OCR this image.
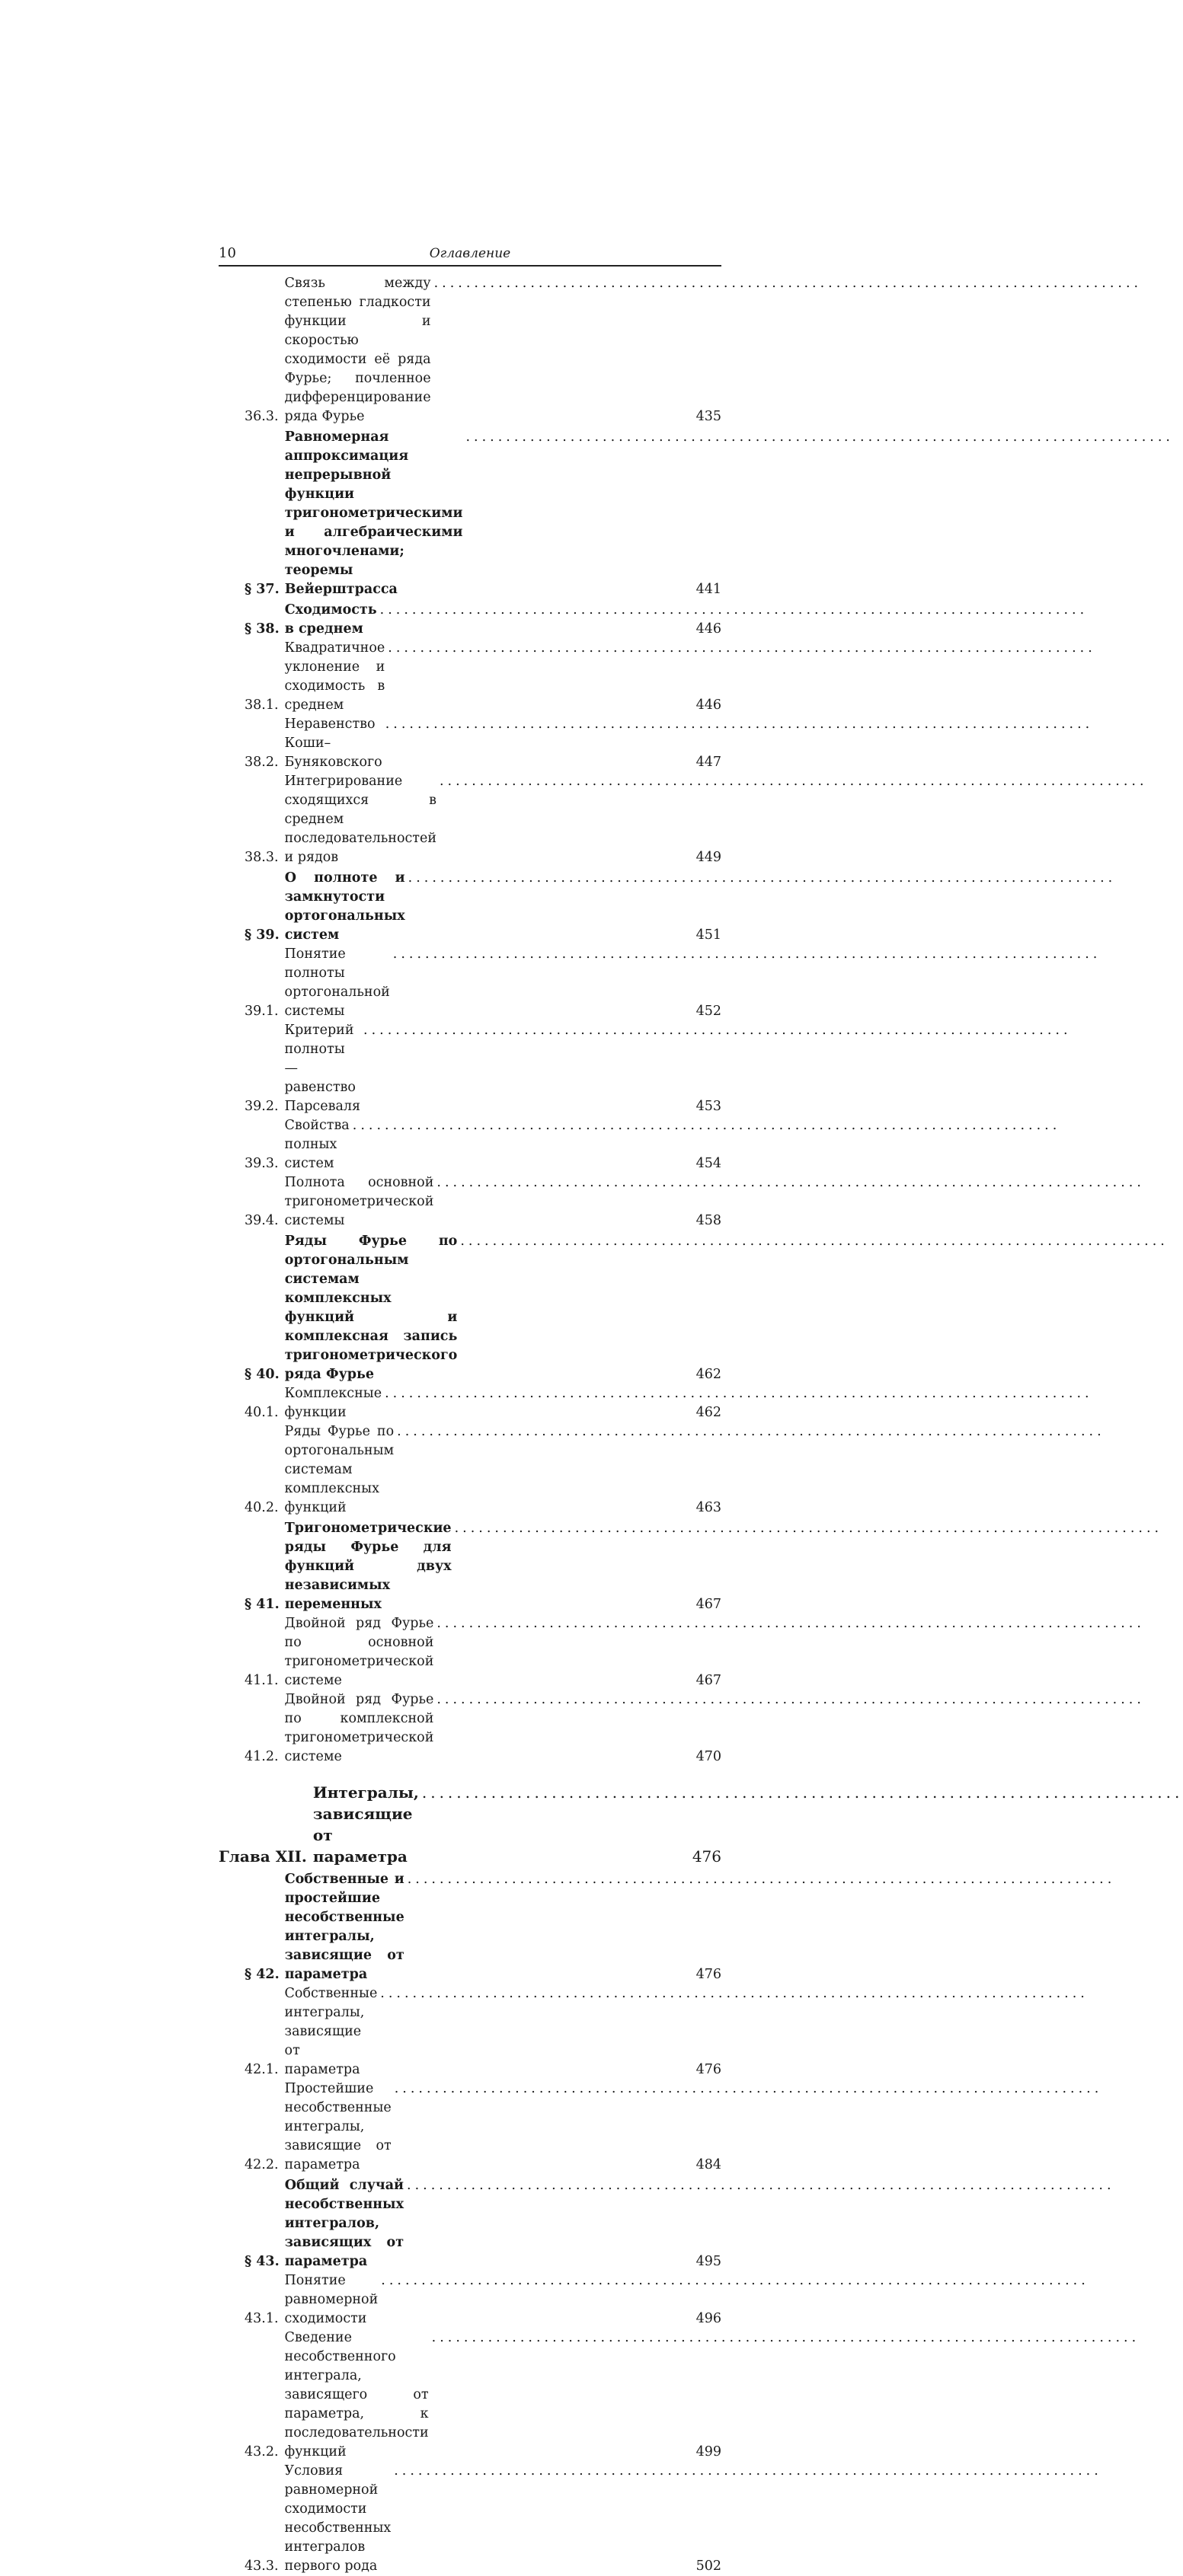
10	Оглавление
36.3.
Связь между степенью гладкости функции и скоростью сходимости её ряда Фурье; почленное дифференцирование ряда Фурье
........................................................................................
435
§ 37.
Равномерная аппроксимация непрерывной функции тригонометрическими и алгебраическими многочленами; теоремы Вейерштрасса
........................................................................................
441
§ 38.
Сходимость в среднем
........................................................................................
446
38.1.
Квадратичное уклонение и сходимость в среднем
........................................................................................
446
38.2.
Неравенство Коши–Буняковского
........................................................................................
447
38.3.
Интегрирование сходящихся в среднем последовательностей и рядов
........................................................................................
449
§ 39.
О полноте и замкнутости ортогональных систем
........................................................................................
451
39.1.
Понятие полноты ортогональной системы
........................................................................................
452
39.2.
Критерий полноты — равенство Парсеваля
........................................................................................
453
39.3.
Свойства полных систем
........................................................................................
454
39.4.
Полнота основной тригонометрической системы
........................................................................................
458
§ 40.
Ряды Фурье по ортогональным системам комплексных функций и комплексная запись тригонометрического ряда Фурье
........................................................................................
462
40.1.
Комплексные функции
........................................................................................
462
40.2.
Ряды Фурье по ортогональным системам комплексных функций
........................................................................................
463
§ 41.
Тригонометрические ряды Фурье для функций двух независимых переменных
........................................................................................
467
41.1.
Двойной ряд Фурье по основной тригонометрической системе
........................................................................................
467
41.2.
Двойной ряд Фурье по комплексной тригонометрической системе
........................................................................................
470
Глава XII.
Интегралы, зависящие от параметра
........................................................................................
476
§ 42.
Собственные и простейшие несобственные интегралы, зависящие от параметра
........................................................................................
476
42.1.
Собственные интегралы, зависящие от параметра
........................................................................................
476
42.2.
Простейшие несобственные интегралы, зависящие от параметра
........................................................................................
484
§ 43.
Общий случай несобственных интегралов, зависящих от параметра
........................................................................................
495
43.1.
Понятие равномерной сходимости
........................................................................................
496
43.2.
Сведение несобственного интеграла, зависящего от параметра, к последовательности функций
........................................................................................
499
43.3.
Условия равномерной сходимости несобственных интегралов первого рода
........................................................................................
502
